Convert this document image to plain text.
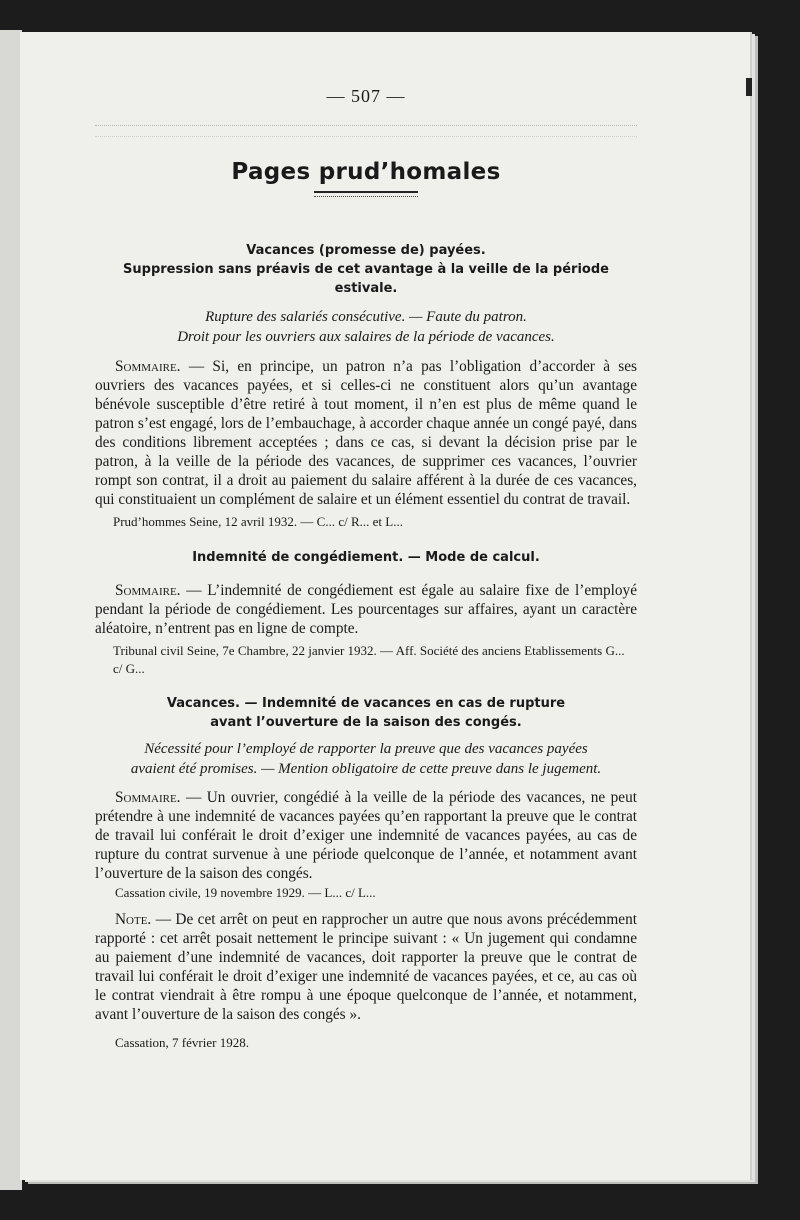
— 507 —
Pages prud’homales
Vacances (promesse de) payées.
Suppression sans préavis de cet avantage à la veille de la période estivale.
Rupture des salariés consécutive. — Faute du patron.
Droit pour les ouvriers aux salaires de la période de vacances.

Sommaire. — Si, en principe, un patron n’a pas l’obligation d’accorder à ses ouvriers des vacances payées, et si celles-ci ne constituent alors qu’un avantage bénévole susceptible d’être retiré à tout moment, il n’en est plus de même quand le patron s’est engagé, lors de l’embauchage, à accorder chaque année un congé payé, dans des conditions librement acceptées ; dans ce cas, si devant la décision prise par le patron, à la veille de la période des vacances, de supprimer ces vacances, l’ouvrier rompt son contrat, il a droit au paiement du salaire afférent à la durée de ces vacances, qui constituaient un complément de salaire et un élément essentiel du contrat de travail.

Prud’hommes Seine, 12 avril 1932. — C... c/ R... et L...
Indemnité de congédiement. — Mode de calcul.

Sommaire. — L’indemnité de congédiement est égale au salaire fixe de l’employé pendant la période de congédiement. Les pourcentages sur affaires, ayant un caractère aléatoire, n’entrent pas en ligne de compte.

Tribunal civil Seine, 7e Chambre, 22 janvier 1932. — Aff. Société des anciens Etablissements G... c/ G...
Vacances. — Indemnité de vacances en cas de rupture
avant l’ouverture de la saison des congés.
Nécessité pour l’employé de rapporter la preuve que des vacances payées
avaient été promises. — Mention obligatoire de cette preuve dans le jugement.

Sommaire. — Un ouvrier, congédié à la veille de la période des vacances, ne peut prétendre à une indemnité de vacances payées qu’en rapportant la preuve que le contrat de travail lui conférait le droit d’exiger une indemnité de vacances payées, au cas de rupture du contrat survenue à une période quelconque de l’année, et notamment avant l’ouverture de la saison des congés.

Cassation civile, 19 novembre 1929. — L... c/ L...

Note. — De cet arrêt on peut en rapprocher un autre que nous avons précédemment rapporté : cet arrêt posait nettement le principe suivant : « Un jugement qui condamne au paiement d’une indemnité de vacances, doit rapporter la preuve que le contrat de travail lui conférait le droit d’exiger une indemnité de vacances payées, et ce, au cas où le contrat viendrait à être rompu à une époque quelconque de l’année, et notamment, avant l’ouverture de la saison des congés ».

Cassation, 7 février 1928.
